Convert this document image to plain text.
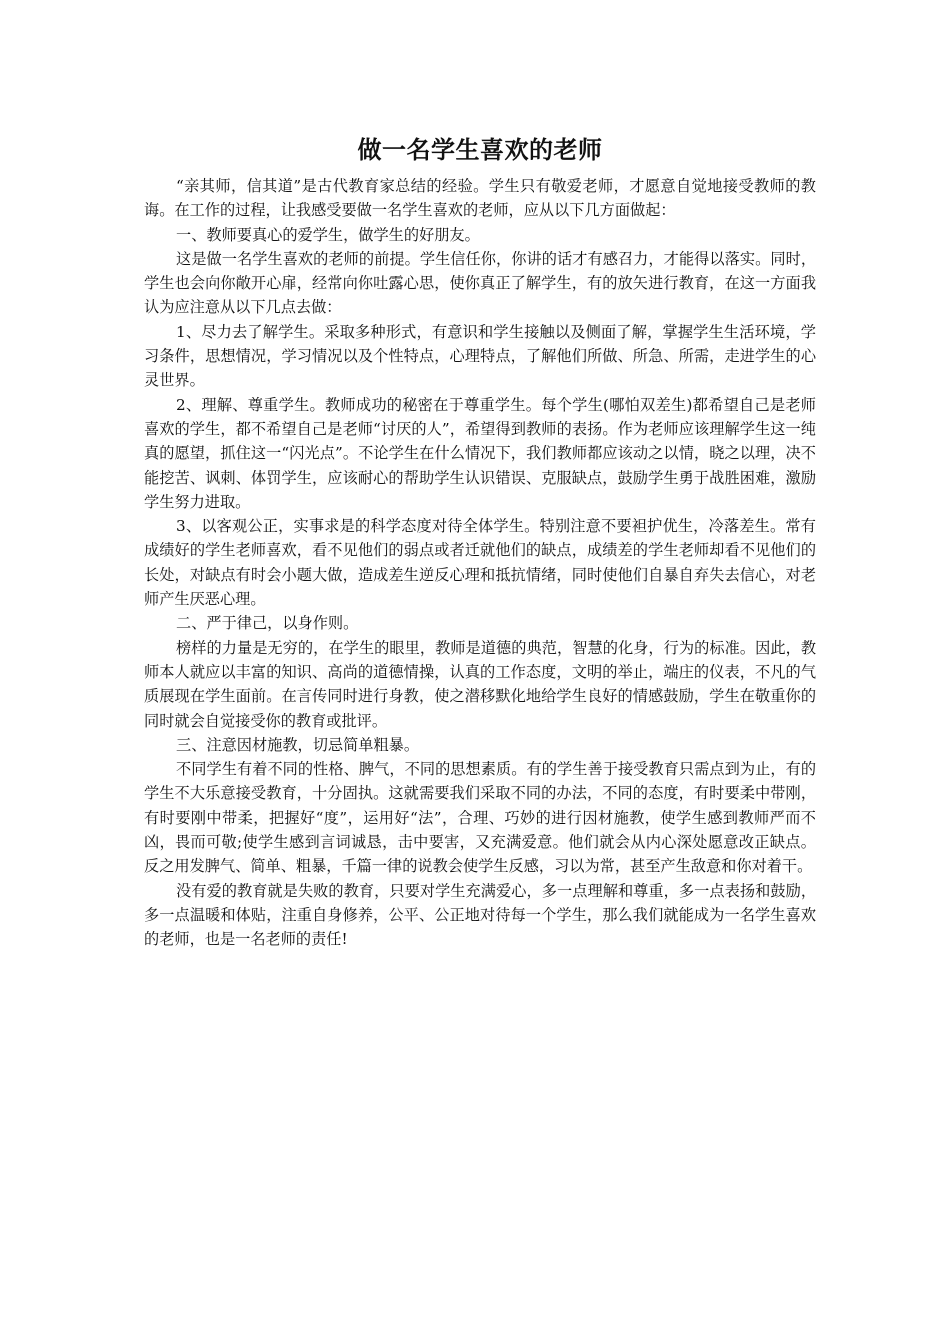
做一名学生喜欢的老师

“亲其师，信其道”是古代教育家总结的经验。学生只有敬爱老师，才愿意自觉地接受教师的教诲。在工作的过程，让我感受要做一名学生喜欢的老师，应从以下几方面做起：

一、教师要真心的爱学生，做学生的好朋友。

这是做一名学生喜欢的老师的前提。学生信任你，你讲的话才有感召力，才能得以落实。同时，学生也会向你敞开心扉，经常向你吐露心思，使你真正了解学生，有的放矢进行教育，在这一方面我认为应注意从以下几点去做：

1、尽力去了解学生。采取多种形式，有意识和学生接触以及侧面了解，掌握学生生活环境，学习条件，思想情况，学习情况以及个性特点，心理特点，了解他们所做、所急、所需，走进学生的心灵世界。

2、理解、尊重学生。教师成功的秘密在于尊重学生。每个学生(哪怕双差生)都希望自己是老师喜欢的学生，都不希望自己是老师“讨厌的人”，希望得到教师的表扬。作为老师应该理解学生这一纯真的愿望，抓住这一“闪光点”。不论学生在什么情况下，我们教师都应该动之以情，晓之以理，决不能挖苦、讽刺、体罚学生，应该耐心的帮助学生认识错误、克服缺点，鼓励学生勇于战胜困难，激励学生努力进取。

3、以客观公正，实事求是的科学态度对待全体学生。特别注意不要袒护优生，冷落差生。常有成绩好的学生老师喜欢，看不见他们的弱点或者迁就他们的缺点，成绩差的学生老师却看不见他们的长处，对缺点有时会小题大做，造成差生逆反心理和抵抗情绪，同时使他们自暴自弃失去信心，对老师产生厌恶心理。

二、严于律己，以身作则。

榜样的力量是无穷的，在学生的眼里，教师是道德的典范，智慧的化身，行为的标准。因此，教师本人就应以丰富的知识、高尚的道德情操，认真的工作态度，文明的举止，端庄的仪表，不凡的气质展现在学生面前。在言传同时进行身教，使之潜移默化地给学生良好的情感鼓励，学生在敬重你的同时就会自觉接受你的教育或批评。

三、注意因材施教，切忌简单粗暴。

不同学生有着不同的性格、脾气，不同的思想素质。有的学生善于接受教育只需点到为止，有的学生不大乐意接受教育，十分固执。这就需要我们采取不同的办法，不同的态度，有时要柔中带刚，有时要刚中带柔，把握好“度”，运用好“法”，合理、巧妙的进行因材施教，使学生感到教师严而不凶，畏而可敬;使学生感到言词诚恳，击中要害，又充满爱意。他们就会从内心深处愿意改正缺点。反之用发脾气、简单、粗暴，千篇一律的说教会使学生反感，习以为常，甚至产生敌意和你对着干。

没有爱的教育就是失败的教育，只要对学生充满爱心，多一点理解和尊重，多一点表扬和鼓励，多一点温暖和体贴，注重自身修养，公平、公正地对待每一个学生，那么我们就能成为一名学生喜欢的老师，也是一名老师的责任!
